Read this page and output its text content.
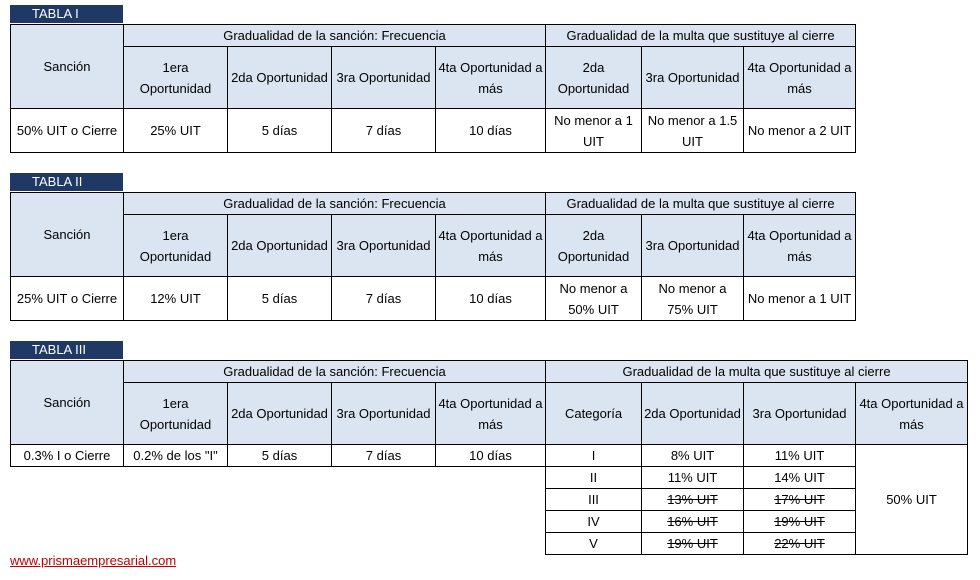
TABLA I
Sanción	Gradualidad de la sanción: Frecuencia				Gradualidad de la multa que sustituye al cierre		
	1era Oportunidad	2da Oportunidad	3ra Oportunidad	4ta Oportunidad a más	2da Oportunidad	3ra Oportunidad	4ta Oportunidad a más
50% UIT o Cierre	25% UIT	5 días	7 días	10 días	No menor a 1 UIT	No menor a 1.5 UIT	No menor a 2 UIT
TABLA II
Sanción	Gradualidad de la sanción: Frecuencia				Gradualidad de la multa que sustituye al cierre		
	1era Oportunidad	2da Oportunidad	3ra Oportunidad	4ta Oportunidad a más	2da Oportunidad	3ra Oportunidad	4ta Oportunidad a más
25% UIT o Cierre	12% UIT	5 días	7 días	10 días	No menor a 50% UIT	No menor a 75% UIT	No menor a 1 UIT
TABLA III
Sanción	Gradualidad de la sanción: Frecuencia				Gradualidad de la multa que sustituye al cierre			
	1era Oportunidad	2da Oportunidad	3ra Oportunidad	4ta Oportunidad a más	Categoría	2da Oportunidad	3ra Oportunidad	4ta Oportunidad a más
0.3% I o Cierre	0.2% de los "I"	5 días	7 días	10 días	I	8% UIT	11% UIT	50% UIT
					II	11% UIT	14% UIT	
					III	13% UIT	17% UIT	
					IV	16% UIT	19% UIT	
					V	19% UIT	22% UIT	
www.prismaempresarial.com
